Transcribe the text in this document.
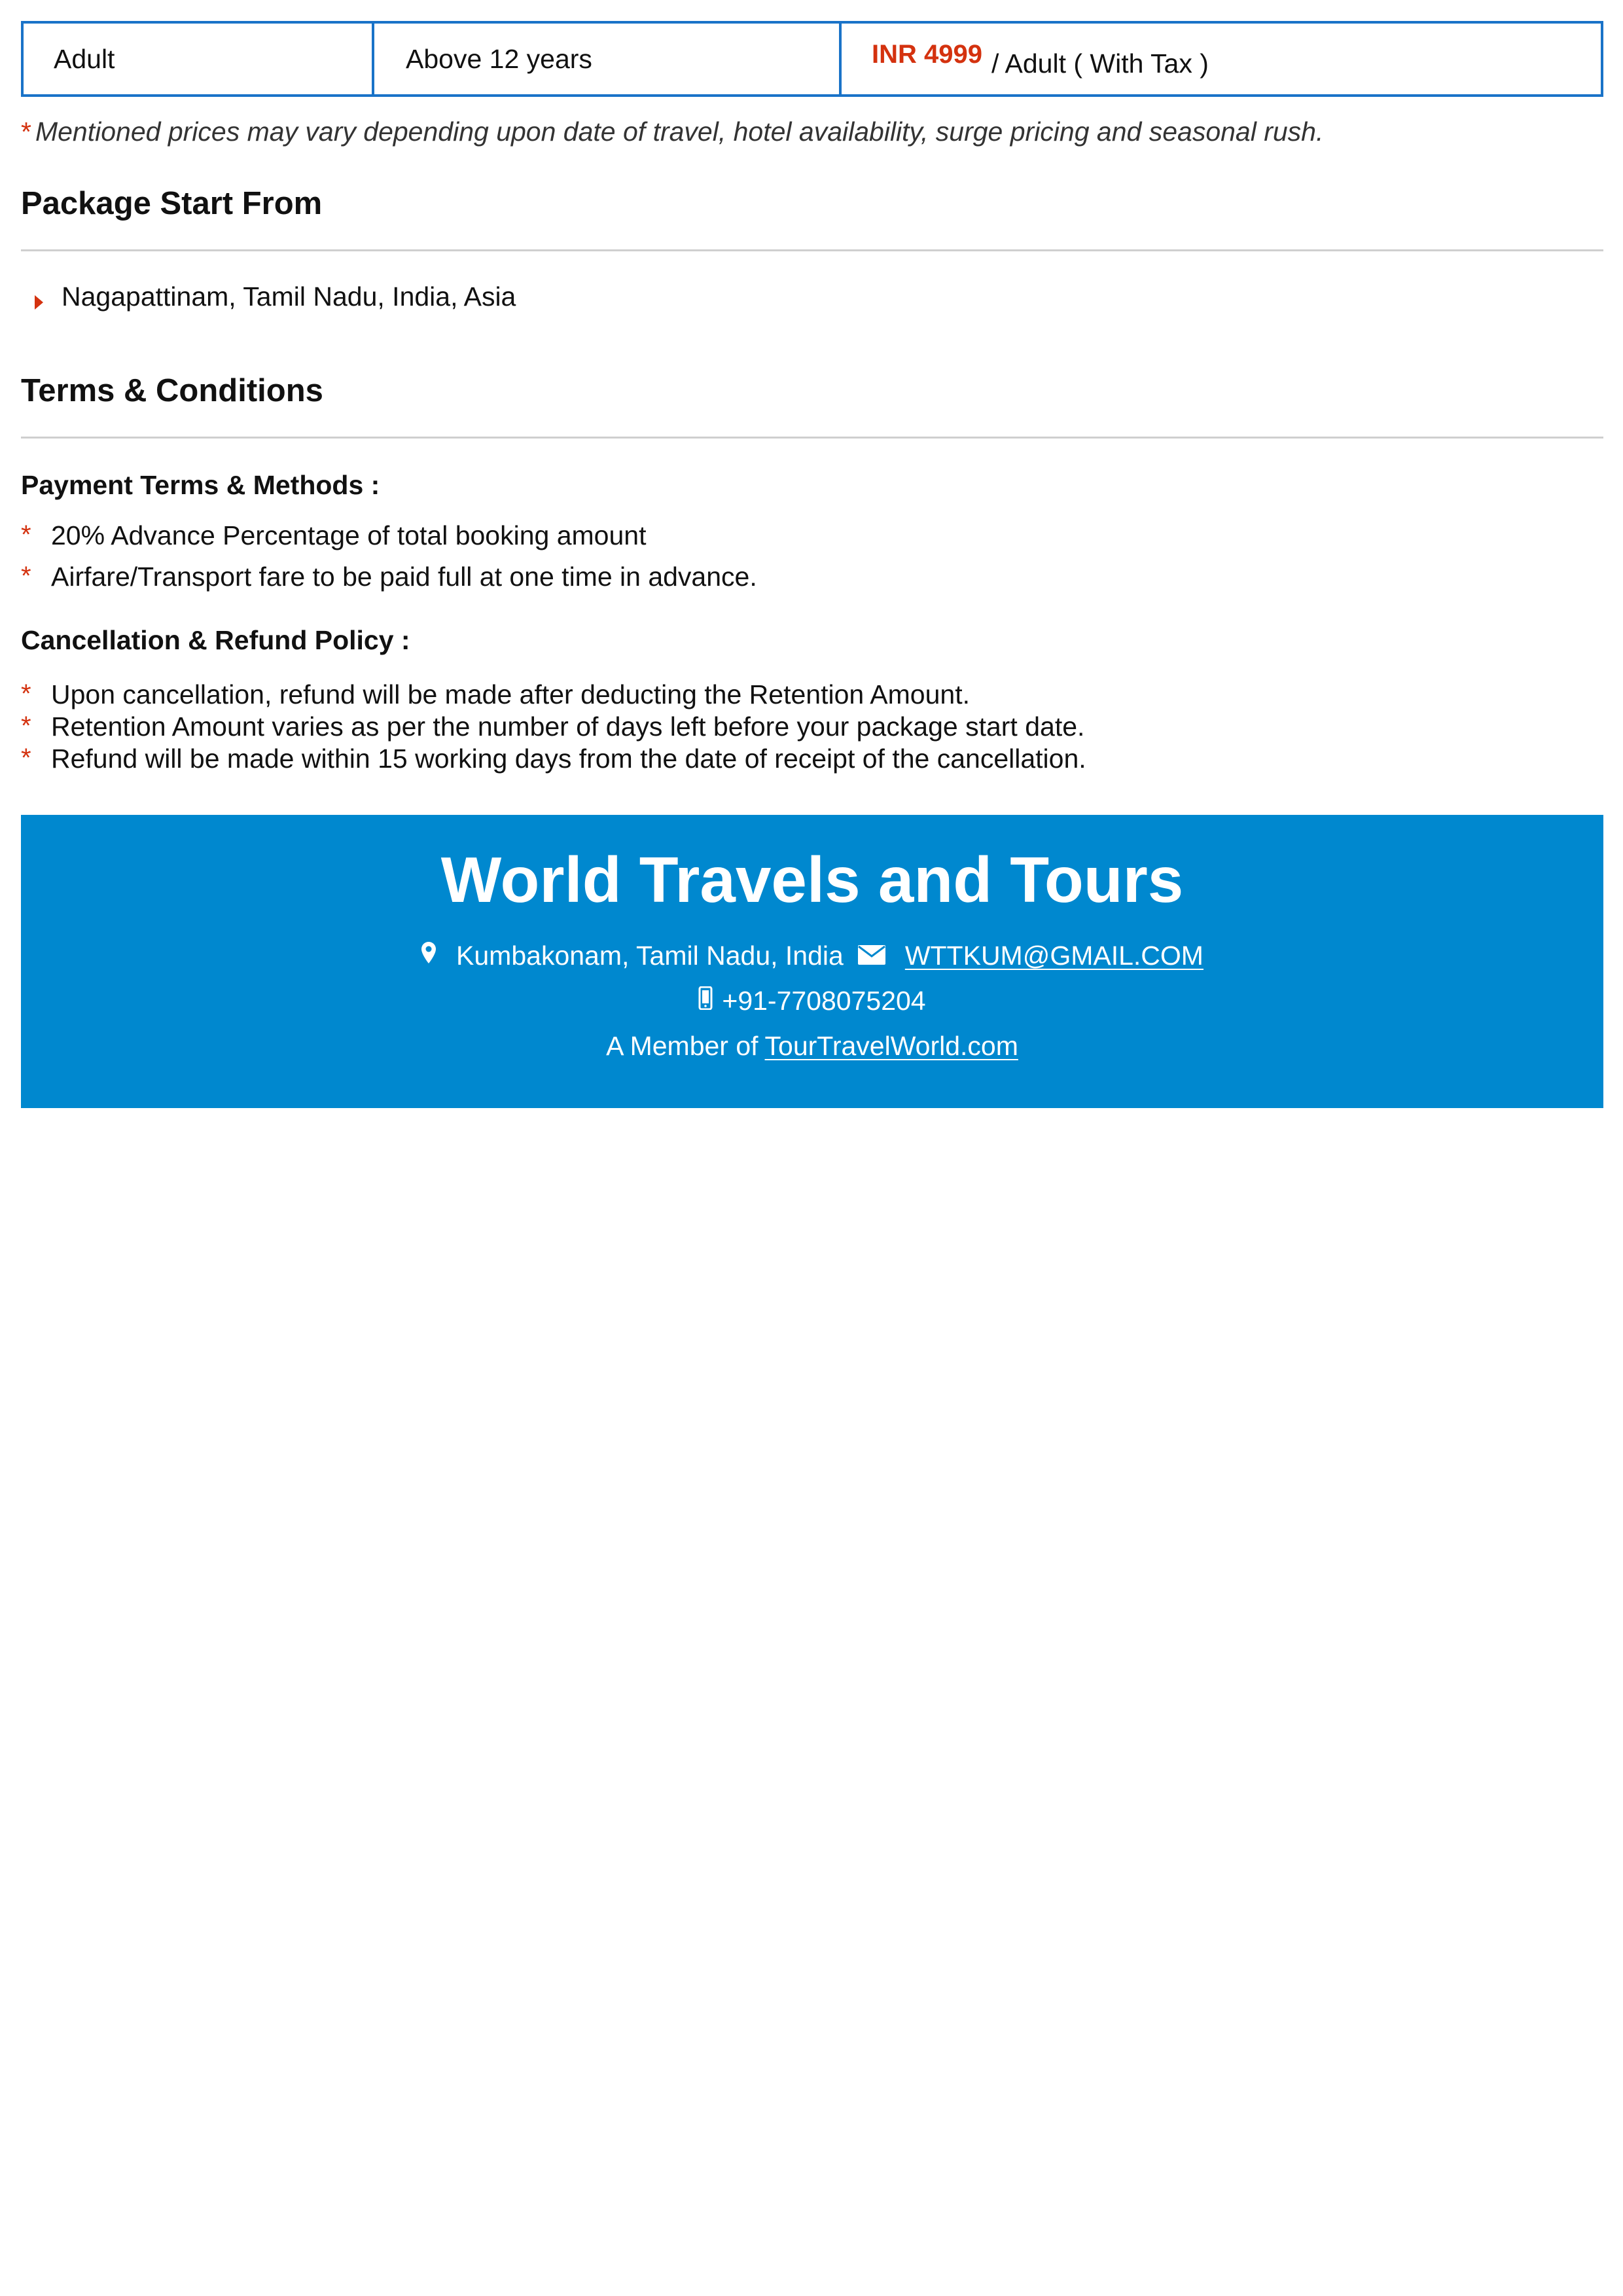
Adult	Above 12 years	INR 4999 / Adult ( With Tax )
* Mentioned prices may vary depending upon date of travel, hotel availability, surge pricing and seasonal rush.
Package Start From
Nagapattinam, Tamil Nadu, India, Asia
Terms & Conditions
Payment Terms & Methods :
* 20% Advance Percentage of total booking amount
* Airfare/Transport fare to be paid full at one time in advance.
Cancellation & Refund Policy :
* Upon cancellation, refund will be made after deducting the Retention Amount.
* Retention Amount varies as per the number of days left before your package start date.
* Refund will be made within 15 working days from the date of receipt of the cancellation.
World Travels and Tours
Kumbakonam, Tamil Nadu, India WTTKUM@GMAIL.COM
+91-7708075204
A Member of TourTravelWorld.com
